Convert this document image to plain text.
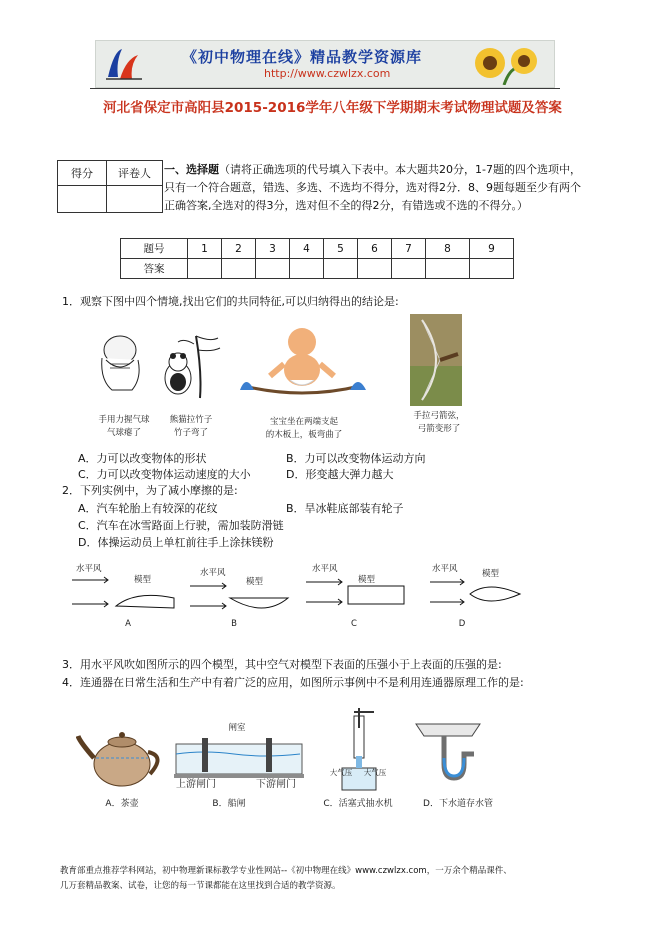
《初中物理在线》精品教学资源库
http://www.czwlzx.com
河北省保定市高阳县2015-2016学年八年级下学期期末考试物理试题及答案
得分	评卷人
	一、选择题（请将正确选项的代号填入下表中。本大题共20分，1-7题的四个选项中，只有一个符合题意，错选、多选、不选均不得分，选对得2分．8、9题每题至少有两个正确答案,全选对的得3分，选对但不全的得2分，有错选或不选的不得分。）
题号	1	2	3	4	5	6	7	8	9
答案									
1．观察下图中四个情境,找出它们的共同特征,可以归纳得出的结论是:
手用力握气球
气球瘪了
熊猫拉竹子
竹子弯了
宝宝坐在两端支起
的木板上，板弯曲了
手拉弓箭弦，
弓箭变形了
A．力可以改变物体的形状	B．力可以改变物体运动方向
C．力可以改变物体运动速度的大小	D．形变越大弹力越大
2．下列实例中，为了减小摩擦的是:
A．汽车轮胎上有较深的花纹	B．旱冰鞋底部装有轮子
C．汽车在冰雪路面上行驶，需加装防滑链
D．体操运动员上单杠前往手上涂抹镁粉
水平风
模型
A
水平风
模型
B
水平风
模型
C
水平风	模型
D
3．用水平风吹如图所示的四个模型，其中空气对模型下表面的压强小于上表面的压强的是:
4．连通器在日常生活和生产中有着广泛的应用，如图所示事例中不是利用连通器原理工作的是:
闸室
上游闸门	下游闸门
大气压	大气压
A．茶壶	B．船闸	C．活塞式抽水机	D．下水道存水管
教育部重点推荐学科网站，初中物理新课标教学专业性网站--《初中物理在线》www.czwlzx.com，一万余个精品课件、
几万套精品教案、试卷，让您的每一节课都能在这里找到合适的教学资源。
